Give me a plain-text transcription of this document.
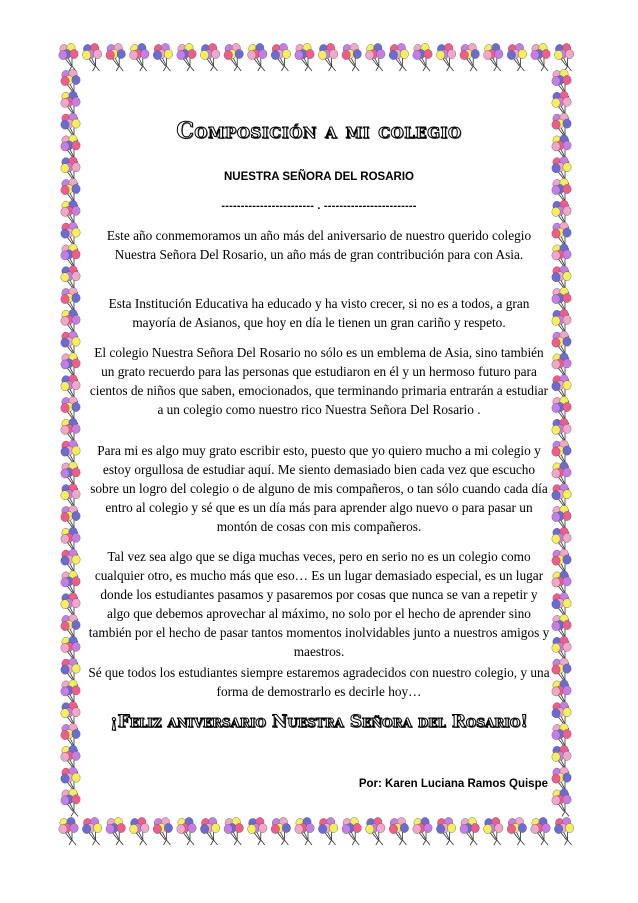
Composición a mi colegio
NUESTRA SEÑORA DEL ROSARIO
------------------------ . ------------------------

Este año conmemoramos un año más del aniversario de nuestro querido colegio Nuestra Señora Del Rosario, un año más de gran contribución para con Asia.

Esta Institución Educativa ha educado y ha visto crecer, si no es a todos, a gran mayoría de Asianos, que hoy en día le tienen un gran cariño y respeto.

El colegio Nuestra Señora Del Rosario no sólo es un emblema de Asia, sino también un grato recuerdo para las personas que estudiaron en él y un hermoso futuro para cientos de niños que saben, emocionados, que terminando primaria entrarán a estudiar a un colegio como nuestro rico Nuestra Señora Del Rosario .

Para mi es algo muy grato escribir esto, puesto que yo quiero mucho a mi colegio y estoy orgullosa de estudiar aquí. Me siento demasiado bien cada vez que escucho sobre un logro del colegio o de alguno de mis compañeros, o tan sólo cuando cada día entro al colegio y sé que es un día más para aprender algo nuevo o para pasar un montón de cosas con mis compañeros.

Tal vez sea algo que se diga muchas veces, pero en serio no es un colegio como cualquier otro, es mucho más que eso… Es un lugar demasiado especial, es un lugar donde los estudiantes pasamos y pasaremos por cosas que nunca se van a repetir y algo que debemos aprovechar al máximo, no solo por el hecho de aprender sino también por el hecho de pasar tantos momentos inolvidables junto a nuestros amigos y maestros.

Sé que todos los estudiantes siempre estaremos agradecidos con nuestro colegio, y una forma de demostrarlo es decirle hoy…

¡Feliz aniversario Nuestra Señora del Rosario!
Por: Karen Luciana Ramos Quispe
